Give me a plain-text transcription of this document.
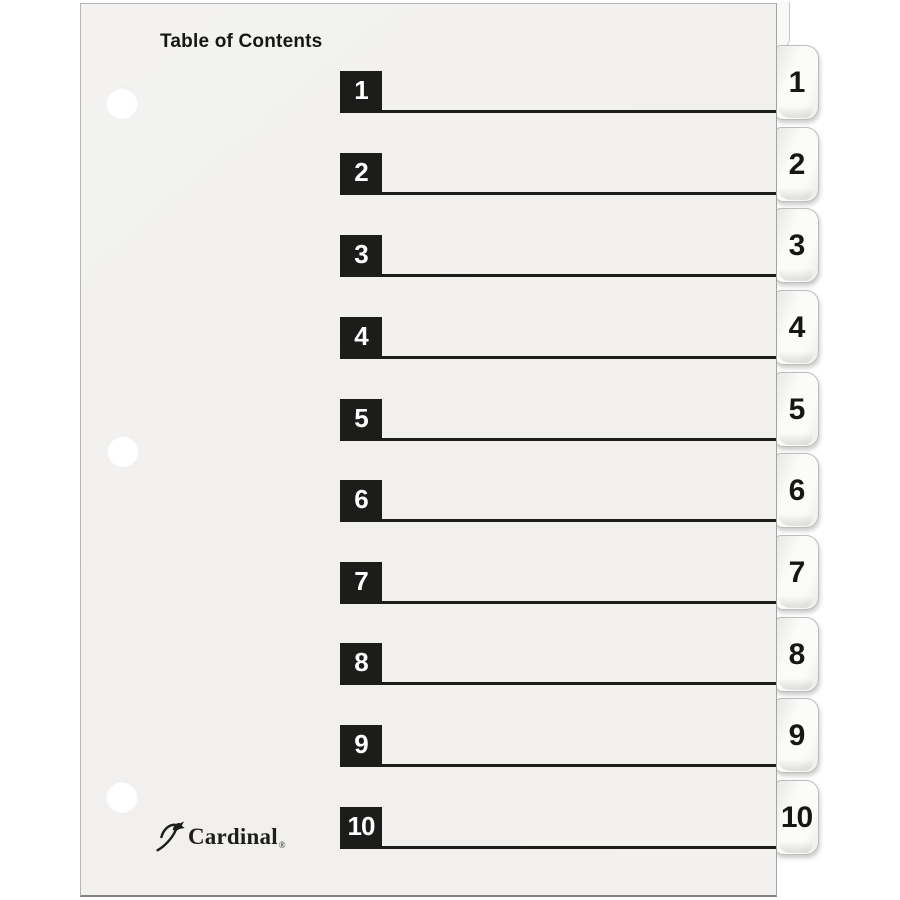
1
2
3
4
5
6
7
8
9
10
Table of Contents
1
2
3
4
5
6
7
8
9
10
Cardinal ®
